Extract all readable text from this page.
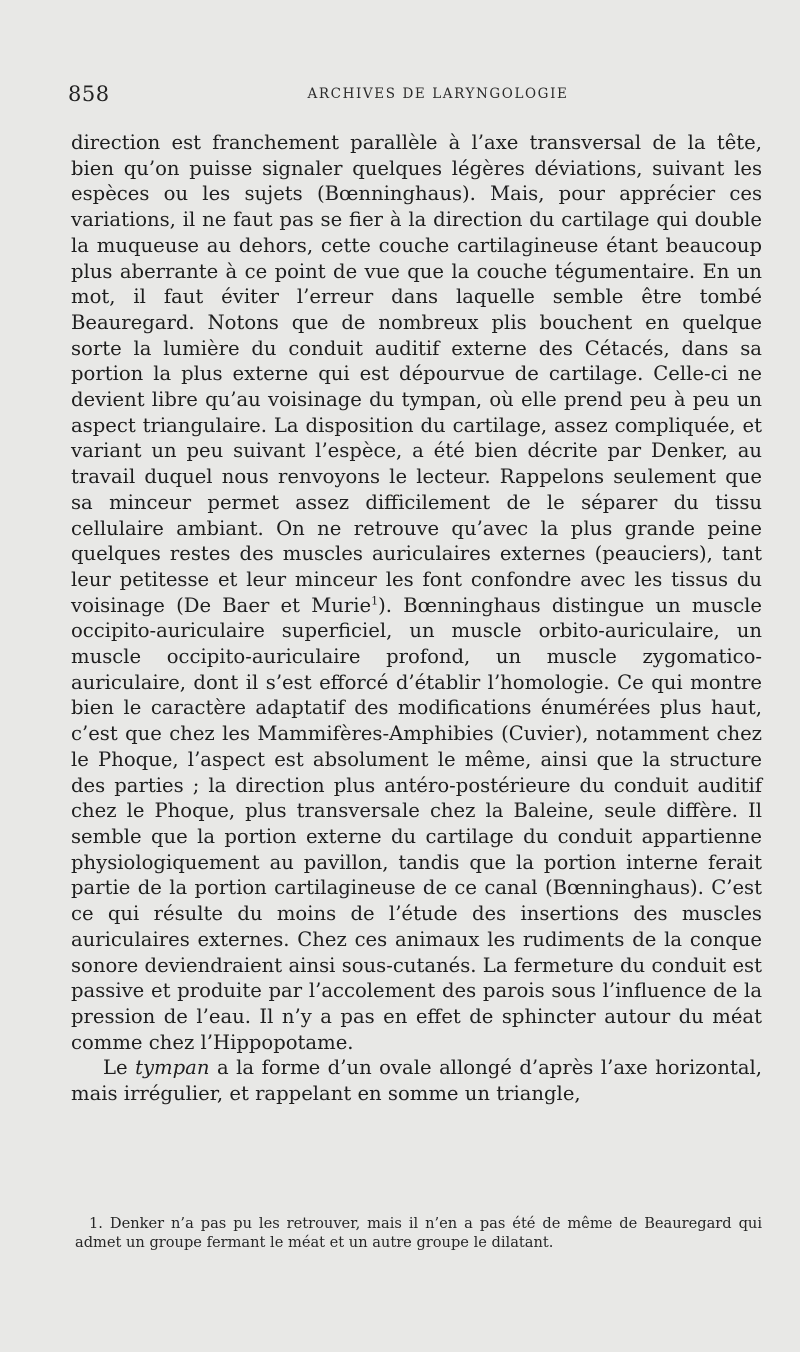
858	ARCHIVES DE LARYNGOLOGIE

direction est franchement parallèle à l’axe transversal de la tête, bien qu’on puisse signaler quelques légères déviations, suivant les espèces ou les sujets (Bœnninghaus). Mais, pour apprécier ces variations, il ne faut pas se fier à la direction du cartilage qui double la muqueuse au dehors, cette couche cartilagineuse étant beaucoup plus aberrante à ce point de vue que la couche tégumentaire. En un mot, il faut éviter l’erreur dans laquelle semble être tombé Beauregard. Notons que de nombreux plis bouchent en quelque sorte la lumière du conduit auditif externe des Cétacés, dans sa portion la plus externe qui est dépourvue de cartilage. Celle-ci ne devient libre qu’au voisinage du tympan, où elle prend peu à peu un aspect triangulaire. La disposition du cartilage, assez compliquée, et variant un peu suivant l’espèce, a été bien décrite par Denker, au travail duquel nous renvoyons le lecteur. Rappelons seulement que sa minceur permet assez difficilement de le séparer du tissu cellulaire ambiant. On ne retrouve qu’avec la plus grande peine quelques restes des muscles auriculaires externes (peauciers), tant leur petitesse et leur minceur les font confondre avec les tissus du voisinage (De Baer et Murie$^1$). Bœnninghaus distingue un muscle occipito-auriculaire superficiel, un muscle orbito-auriculaire, un muscle occipito-auriculaire profond, un muscle zygomatico-auriculaire, dont il s’est efforcé d’établir l’homologie. Ce qui montre bien le caractère adaptatif des modifications énumérées plus haut, c’est que chez les Mammifères-Amphibies (Cuvier), notamment chez le Phoque, l’aspect est absolument le même, ainsi que la structure des parties ; la direction plus antéro-postérieure du conduit auditif chez le Phoque, plus transversale chez la Baleine, seule diffère. Il semble que la portion externe du cartilage du conduit appartienne physiologiquement au pavillon, tandis que la portion interne ferait partie de la portion cartilagineuse de ce canal (Bœnninghaus). C’est ce qui résulte du moins de l’étude des insertions des muscles auriculaires externes. Chez ces animaux les rudiments de la conque sonore deviendraient ainsi sous-cutanés. La fermeture du conduit est passive et produite par l’accolement des parois sous l’influence de la pression de l’eau. Il n’y a pas en effet de sphincter autour du méat comme chez l’Hippopotame.

Le tympan a la forme d’un ovale allongé d’après l’axe horizontal, mais irrégulier, et rappelant en somme un triangle,

1. Denker n’a pas pu les retrouver, mais il n’en a pas été de même de Beauregard qui admet un groupe fermant le méat et un autre groupe le dilatant.
